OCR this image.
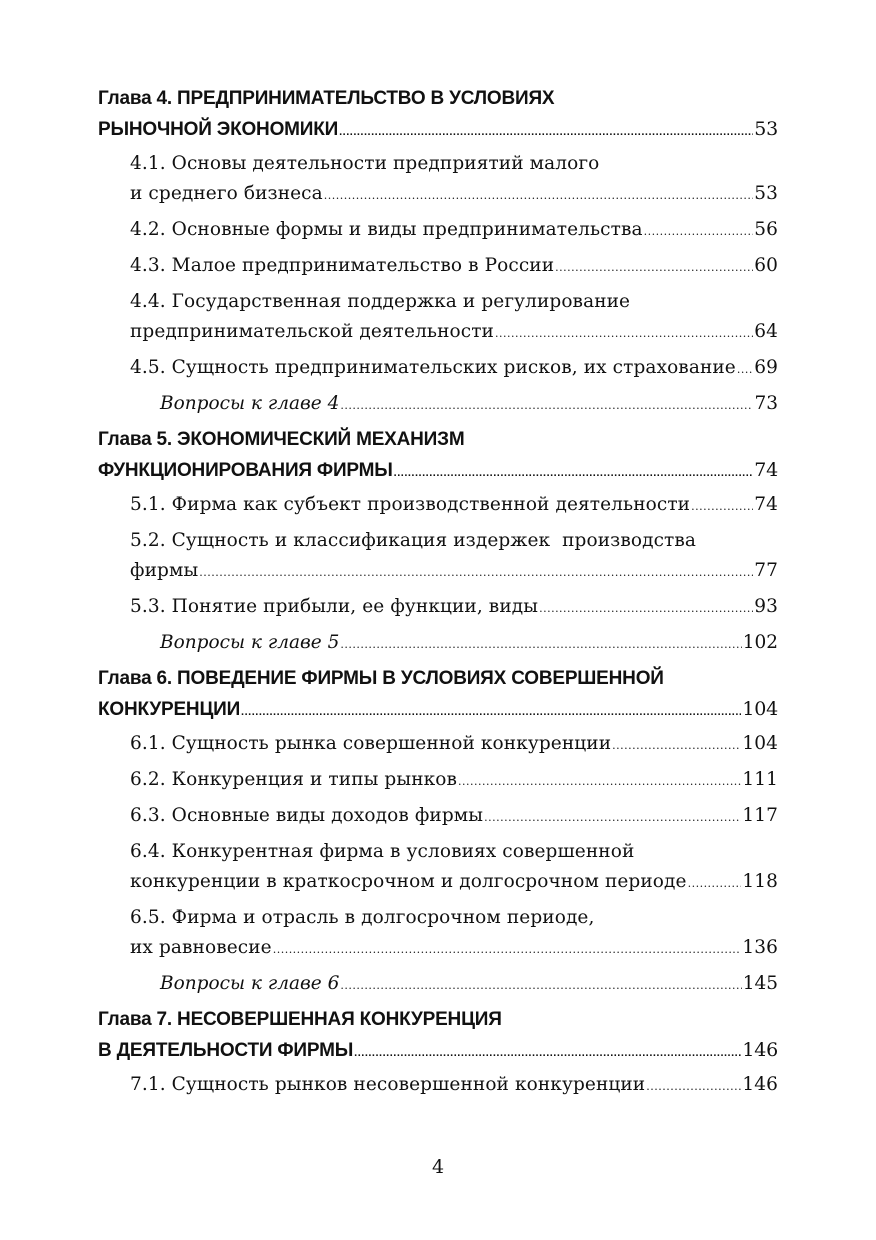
Глава 4. ПРЕДПРИНИМАТЕЛЬСТВО В УСЛОВИЯХ
РЫНОЧНОЙ ЭКОНОМИКИ .....	53
4.1. Основы деятельности предприятий малого
и среднего бизнеса .....	53
4.2. Основные формы и виды предпринимательства .....	56
4.3. Малое предпринимательство в России .....	60
4.4. Государственная поддержка и регулирование
предпринимательской деятельности .....	64
4.5. Сущность предпринимательских рисков, их страхование ..... 69
Вопросы к главе 4 .....	73
Глава 5. ЭКОНОМИЧЕСКИЙ МЕХАНИЗМ
ФУНКЦИОНИРОВАНИЯ ФИРМЫ .....	74
5.1. Фирма как субъект производственной деятельности .....	74
5.2. Сущность и классификация издержек  производства
фирмы .....	77
5.3. Понятие прибыли, ее функции, виды .....	93
Вопросы к главе 5 .....	102
Глава 6. ПОВЕДЕНИЕ ФИРМЫ В УСЛОВИЯХ СОВЕРШЕННОЙ
КОНКУРЕНЦИИ .....	104
6.1. Сущность рынка совершенной конкуренции .....	104
6.2. Конкуренция и типы рынков .....	111
6.3. Основные виды доходов фирмы .....	117
6.4. Конкурентная фирма в условиях совершенной
конкуренции в краткосрочном и долгосрочном периоде .....	118
6.5. Фирма и отрасль в долгосрочном периоде,
их равновесие .....	136
Вопросы к главе 6 .....	145
Глава 7. НЕСОВЕРШЕННАЯ КОНКУРЕНЦИЯ
В ДЕЯТЕЛЬНОСТИ ФИРМЫ .....	146
7.1. Сущность рынков несовершенной конкуренции .....	146
4
